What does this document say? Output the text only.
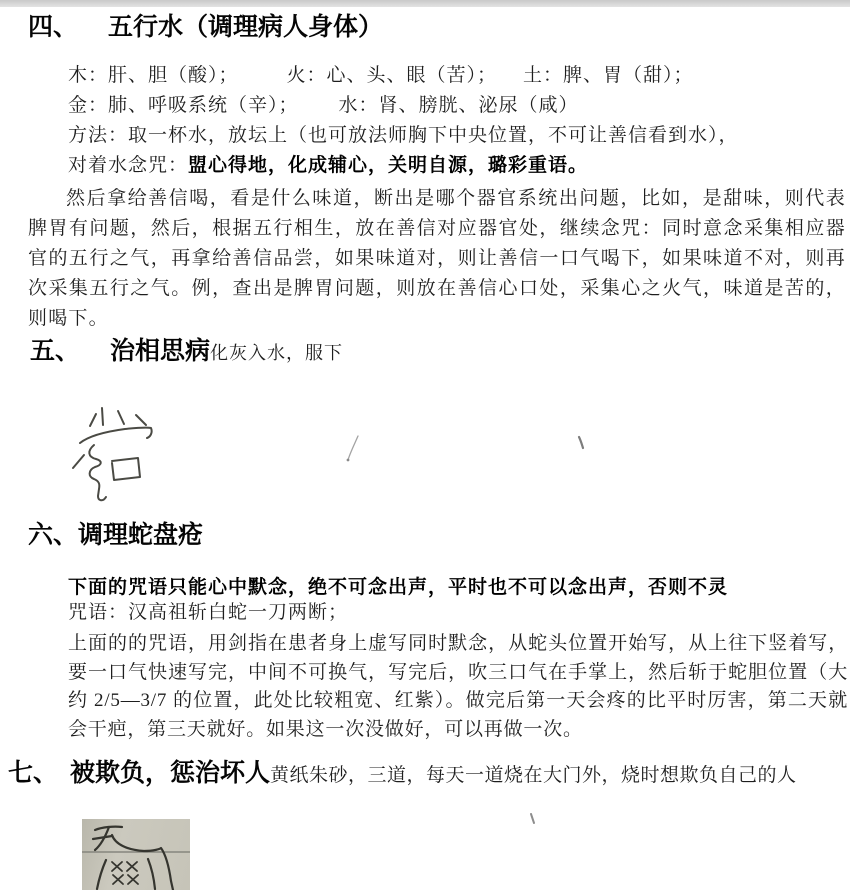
四、 五行水（调理病人身体）
木：肝、胆（酸）；	火：心、头、眼（苦）； 土：脾、胃（甜）；
金：肺、呼吸系统（辛）； 水：肾、膀胱、泌尿（咸）
方法：取一杯水，放坛上（也可放法师胸下中央位置，不可让善信看到水），
对着水念咒：盟心得地，化成辅心，关明自源，璐彩重语。
然后拿给善信喝，看是什么味道，断出是哪个器官系统出问题，比如，是甜味，则代表脾胃有问题，然后，根据五行相生，放在善信对应器官处，继续念咒：同时意念采集相应器官的五行之气，再拿给善信品尝，如果味道对，则让善信一口气喝下，如果味道不对，则再次采集五行之气。例，查出是脾胃问题，则放在善信心口处，采集心之火气，味道是苦的，则喝下。
五、 治相思病化灰入水，服下
六、调理蛇盘疮
下面的咒语只能心中默念，绝不可念出声，平时也不可以念出声，否则不灵
咒语：汉高祖斩白蛇一刀两断；
上面的的咒语，用剑指在患者身上虚写同时默念，从蛇头位置开始写，从上往下竖着写，要一口气快速写完，中间不可换气，写完后，吹三口气在手掌上，然后斩于蛇胆位置（大约 2/5—3/7 的位置，此处比较粗宽、红紫）。做完后第一天会疼的比平时厉害，第二天就会干疤，第三天就好。如果这一次没做好，可以再做一次。
七、 被欺负，惩治坏人黄纸朱砂，三道，每天一道烧在大门外，烧时想欺负自己的人
